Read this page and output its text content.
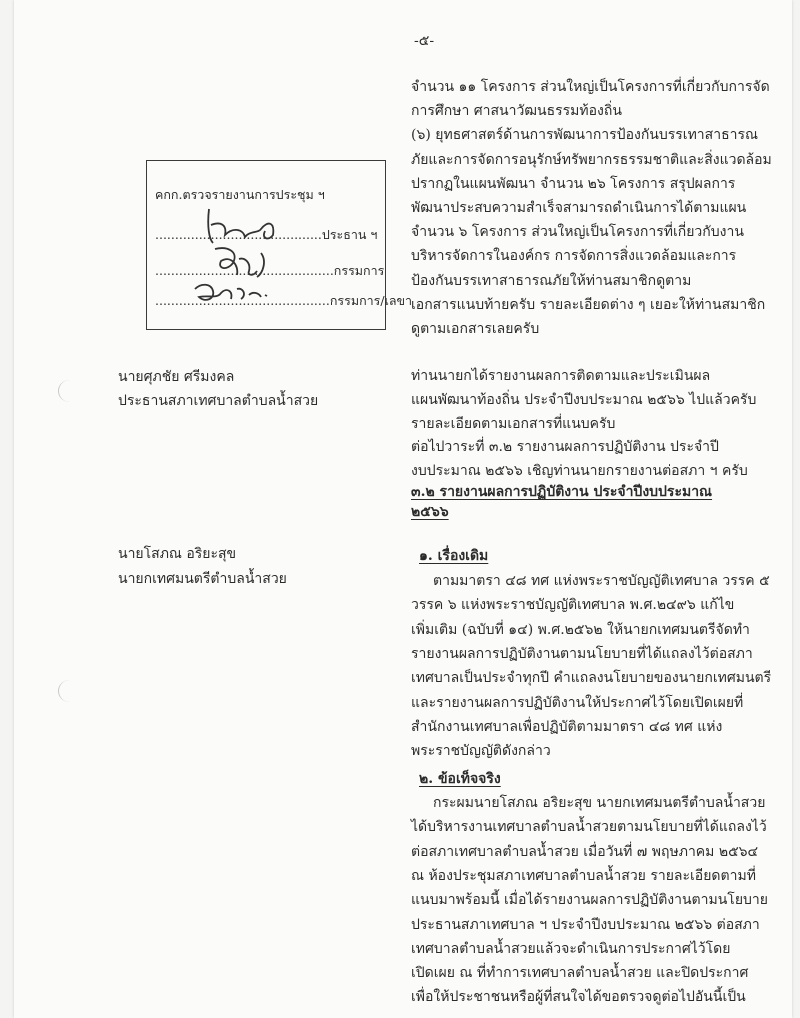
-๕-
จำนวน ๑๑ โครงการ ส่วนใหญ่เป็นโครงการที่เกี่ยวกับการจัด
การศึกษา ศาสนาวัฒนธรรมท้องถิ่น
(๖) ยุทธศาสตร์ด้านการพัฒนาการป้องกันบรรเทาสาธารณ
ภัยและการจัดการอนุรักษ์ทรัพยากรธรรมชาติและสิ่งแวดล้อม
ปรากฏในแผนพัฒนา จำนวน ๒๖ โครงการ สรุปผลการ
พัฒนาประสบความสำเร็จสามารถดำเนินการได้ตามแผน
จำนวน ๖ โครงการ ส่วนใหญ่เป็นโครงการที่เกี่ยวกับงาน
บริหารจัดการในองค์กร การจัดการสิ่งแวดล้อมและการ
ป้องกันบรรเทาสาธารณภัยให้ท่านสมาชิกดูตาม
เอกสารแนบท้ายครับ รายละเอียดต่าง ๆ เยอะให้ท่านสมาชิก
ดูตามเอกสารเลยครับ
คกก.ตรวจรายงานการประชุม ฯ
..........................................ประธาน ฯ
.............................................กรรมการ
............................................กรรมการ/เลขา
นายศุภชัย ศรีมงคล
ประธานสภาเทศบาลตำบลน้ำสวย
ท่านนายกได้รายงานผลการติดตามและประเมินผล
แผนพัฒนาท้องถิ่น ประจำปีงบประมาณ ๒๕๖๖ ไปแล้วครับ
รายละเอียดตามเอกสารที่แนบครับ
ต่อไปวาระที่ ๓.๒ รายงานผลการปฏิบัติงาน ประจำปี
งบประมาณ ๒๕๖๖ เชิญท่านนายกรายงานต่อสภา ฯ ครับ
๓.๒ รายงานผลการปฏิบัติงาน ประจำปีงบประมาณ
๒๕๖๖
นายโสภณ อริยะสุข
นายกเทศมนตรีตำบลน้ำสวย
๑. เรื่องเดิม
ตามมาตรา ๔๘ ทศ แห่งพระราชบัญญัติเทศบาล วรรค ๕
วรรค ๖ แห่งพระราชบัญญัติเทศบาล พ.ศ.๒๔๙๖ แก้ไข
เพิ่มเติม (ฉบับที่ ๑๔) พ.ศ.๒๕๖๒ ให้นายกเทศมนตรีจัดทำ
รายงานผลการปฏิบัติงานตามนโยบายที่ได้แถลงไว้ต่อสภา
เทศบาลเป็นประจำทุกปี คำแถลงนโยบายของนายกเทศมนตรี
และรายงานผลการปฏิบัติงานให้ประกาศไว้โดยเปิดเผยที่
สำนักงานเทศบาลเพื่อปฏิบัติตามมาตรา ๔๘ ทศ แห่ง
พระราชบัญญัติดังกล่าว
๒. ข้อเท็จจริง
กระผมนายโสภณ อริยะสุข นายกเทศมนตรีตำบลน้ำสวย
ได้บริหารงานเทศบาลตำบลน้ำสวยตามนโยบายที่ได้แถลงไว้
ต่อสภาเทศบาลตำบลน้ำสวย เมื่อวันที่ ๗ พฤษภาคม ๒๕๖๔
ณ ห้องประชุมสภาเทศบาลตำบลน้ำสวย รายละเอียดตามที่
แนบมาพร้อมนี้ เมื่อได้รายงานผลการปฏิบัติงานตามนโยบาย
ประธานสภาเทศบาล ฯ ประจำปีงบประมาณ ๒๕๖๖ ต่อสภา
เทศบาลตำบลน้ำสวยแล้วจะดำเนินการประกาศไว้โดย
เปิดเผย ณ ที่ทำการเทศบาลตำบลน้ำสวย และปิดประกาศ
เพื่อให้ประชาชนหรือผู้ที่สนใจได้ขอตรวจดูต่อไปอันนี้เป็น
